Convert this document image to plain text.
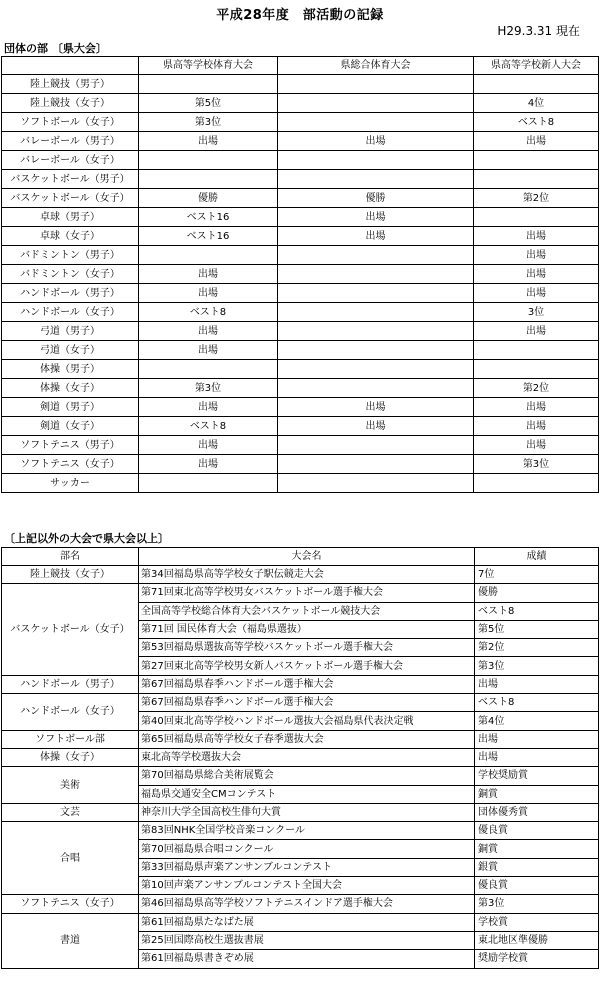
平成28年度　部活動の記録
H29.3.31 現在
団体の部 〔県大会〕
	県高等学校体育大会	県総合体育大会	県高等学校新人大会
陸上競技（男子）			
陸上競技（女子）	第5位		4位
ソフトボール（女子）	第3位		ベスト8
バレーボール（男子）	出場	出場	出場
バレーボール（女子）			
バスケットボール（男子）			
バスケットボール（女子）	優勝	優勝	第2位
卓球（男子）	ベスト16	出場	
卓球（女子）	ベスト16	出場	出場
バドミントン（男子）			出場
バドミントン（女子）	出場		出場
ハンドボール（男子）	出場		出場
ハンドボール（女子）	ベスト8		3位
弓道（男子）	出場		出場
弓道（女子）	出場		
体操（男子）			
体操（女子）	第3位		第2位
剣道（男子）	出場	出場	出場
剣道（女子）	ベスト8	出場	出場
ソフトテニス（男子）	出場		出場
ソフトテニス（女子）	出場		第3位
サッカー			
〔上記以外の大会で県大会以上〕
部名	大会名	成績
陸上競技（女子）	第34回福島県高等学校女子駅伝競走大会	7位
バスケットボール（女子）	第71回東北高等学校男女バスケットボール選手権大会	優勝
	全国高等学校総合体育大会バスケットボール競技大会	ベスト8
	第71回 国民体育大会（福島県選抜）	第5位
	第53回福島県選抜高等学校バスケットボール選手権大会	第2位
	第27回東北高等学校男女新人バスケットボール選手権大会	第3位
ハンドボール（男子）	第67回福島県春季ハンドボール選手権大会	出場
ハンドボール（女子）	第67回福島県春季ハンドボール選手権大会	ベスト8
	第40回東北高等学校ハンドボール選抜大会福島県代表決定戦	第4位
ソフトボール部	第65回福島県高等学校女子春季選抜大会	出場
体操（女子）	東北高等学校選抜大会	出場
美術	第70回福島県総合美術展覧会	学校奨励賞
	福島県交通安全CMコンテスト	銅賞
文芸	神奈川大学全国高校生俳句大賞	団体優秀賞
合唱	第83回NHK全国学校音楽コンクール	優良賞
	第70回福島県合唱コンクール	銅賞
	第33回福島県声楽アンサンブルコンテスト	銀賞
	第10回声楽アンサンブルコンテスト全国大会	優良賞
ソフトテニス（女子）	第46回福島県高等学校ソフトテニスインドア選手権大会	第3位
書道	第61回福島県たなばた展	学校賞
	第25回国際高校生選抜書展	東北地区準優勝
	第61回福島県書きぞめ展	奨励学校賞
